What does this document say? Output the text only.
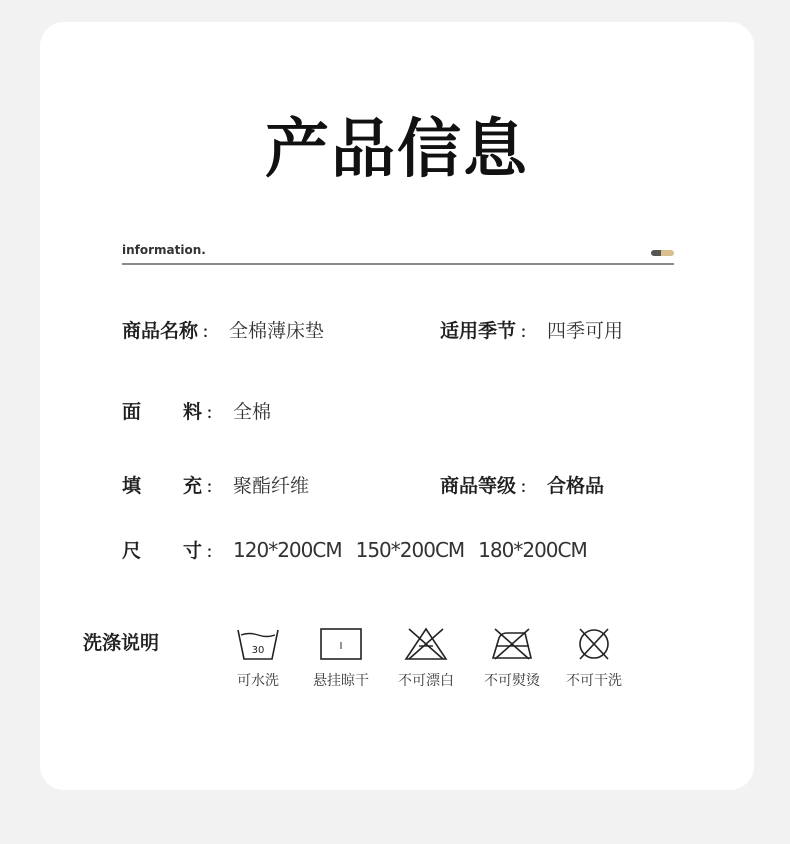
产品信息
information.
商品名称 ： 全棉薄床垫	适用季节 ： 四季可用
面料 ： 全棉
填充 ： 聚酯纤维	商品等级 ： 合格品
尺寸 ： 120*200CM 150*200CM 180*200CM
洗涤说明	30
可水洗
I
悬挂晾干 不可漂白 不可熨烫 不可干洗
